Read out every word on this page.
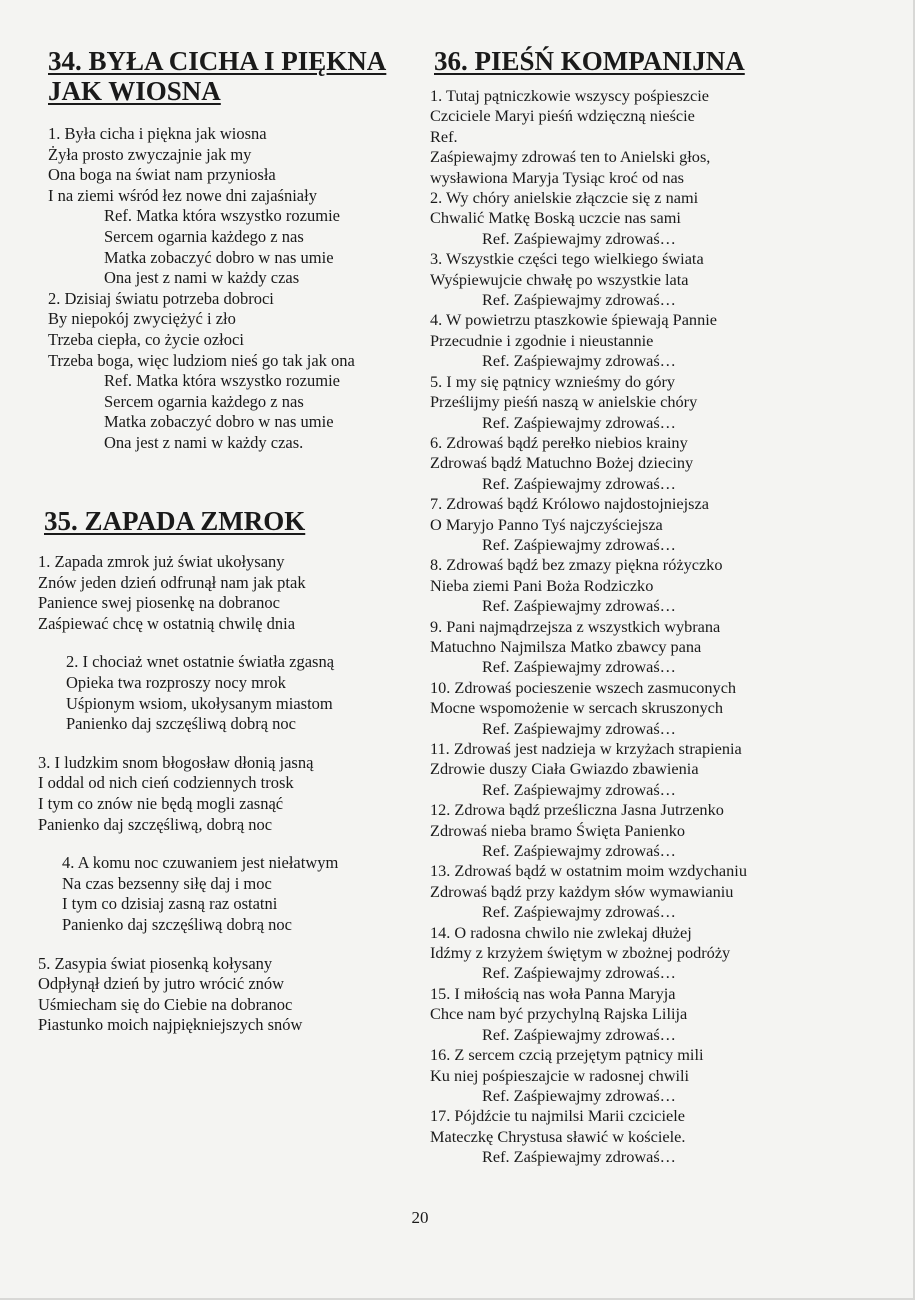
34. BYŁA CICHA I PIĘKNA
JAK WIOSNA
1. Była cicha i piękna jak wiosna
Żyła prosto zwyczajnie jak my
Ona boga na świat nam przyniosła
I na ziemi wśród łez nowe dni zajaśniały
Ref. Matka która wszystko rozumie
Sercem ogarnia każdego z nas
Matka zobaczyć dobro w nas umie
Ona jest z nami w każdy czas
2. Dzisiaj światu potrzeba dobroci
By niepokój zwyciężyć i zło
Trzeba ciepła, co życie ozłoci
Trzeba boga, więc ludziom nieś go tak jak ona
Ref. Matka która wszystko rozumie
Sercem ogarnia każdego z nas
Matka zobaczyć dobro w nas umie
Ona jest z nami w każdy czas.
35. ZAPADA ZMROK
1. Zapada zmrok już świat ukołysany
Znów jeden dzień odfrunął nam jak ptak
Panience swej piosenkę na dobranoc
Zaśpiewać chcę w ostatnią chwilę dnia
2. I chociaż wnet ostatnie światła zgasną
Opieka twa rozproszy nocy mrok
Uśpionym wsiom, ukołysanym miastom
Panienko daj szczęśliwą dobrą noc
3. I ludzkim snom błogosław dłonią jasną
I oddal od nich cień codziennych trosk
I tym co znów nie będą mogli zasnąć
Panienko daj szczęśliwą, dobrą noc
4. A komu noc czuwaniem jest niełatwym
Na czas bezsenny siłę daj i moc
I tym co dzisiaj zasną raz ostatni
Panienko daj szczęśliwą dobrą noc
5. Zasypia świat piosenką kołysany
Odpłynął dzień by jutro wrócić znów
Uśmiecham się do Ciebie na dobranoc
Piastunko moich najpiękniejszych snów
36. PIEŚŃ KOMPANIJNA
1. Tutaj pątniczkowie wszyscy pośpieszcie
Czciciele Maryi pieśń wdzięczną nieście
Ref.
Zaśpiewajmy zdrowaś ten to Anielski głos,
wysławiona Maryja Tysiąc kroć od nas
2. Wy chóry anielskie złączcie się z nami
Chwalić Matkę Boską uczcie nas sami
Ref. Zaśpiewajmy zdrowaś…
3. Wszystkie części tego wielkiego świata
Wyśpiewujcie chwałę po wszystkie lata
Ref. Zaśpiewajmy zdrowaś…
4. W powietrzu ptaszkowie śpiewają Pannie
Przecudnie i zgodnie i nieustannie
Ref. Zaśpiewajmy zdrowaś…
5. I my się pątnicy wznieśmy do góry
Prześlijmy pieśń naszą w anielskie chóry
Ref. Zaśpiewajmy zdrowaś…
6. Zdrowaś bądź perełko niebios krainy
Zdrowaś bądź Matuchno Bożej dzieciny
Ref. Zaśpiewajmy zdrowaś…
7. Zdrowaś bądź Królowo najdostojniejsza
O Maryjo Panno Tyś najczyściejsza
Ref. Zaśpiewajmy zdrowaś…
8. Zdrowaś bądź bez zmazy piękna różyczko
Nieba ziemi Pani Boża Rodziczko
Ref. Zaśpiewajmy zdrowaś…
9. Pani najmądrzejsza z wszystkich wybrana
Matuchno Najmilsza Matko zbawcy pana
Ref. Zaśpiewajmy zdrowaś…
10. Zdrowaś pocieszenie wszech zasmuconych
Mocne wspomożenie w sercach skruszonych
Ref. Zaśpiewajmy zdrowaś…
11. Zdrowaś jest nadzieja w krzyżach strapienia
Zdrowie duszy Ciała Gwiazdo zbawienia
Ref. Zaśpiewajmy zdrowaś…
12. Zdrowa bądź prześliczna Jasna Jutrzenko
Zdrowaś nieba bramo Święta Panienko
Ref. Zaśpiewajmy zdrowaś…
13. Zdrowaś bądź w ostatnim moim wzdychaniu
Zdrowaś bądź przy każdym słów wymawianiu
Ref. Zaśpiewajmy zdrowaś…
14. O radosna chwilo nie zwlekaj dłużej
Idźmy z krzyżem świętym w zbożnej podróży
Ref. Zaśpiewajmy zdrowaś…
15. I miłością nas woła Panna Maryja
Chce nam być przychylną Rajska Lilija
Ref. Zaśpiewajmy zdrowaś…
16. Z sercem czcią przejętym pątnicy mili
Ku niej pośpieszajcie w radosnej chwili
Ref. Zaśpiewajmy zdrowaś…
17. Pójdźcie tu najmilsi Marii czciciele
Mateczkę Chrystusa sławić w kościele.
Ref. Zaśpiewajmy zdrowaś…
20
